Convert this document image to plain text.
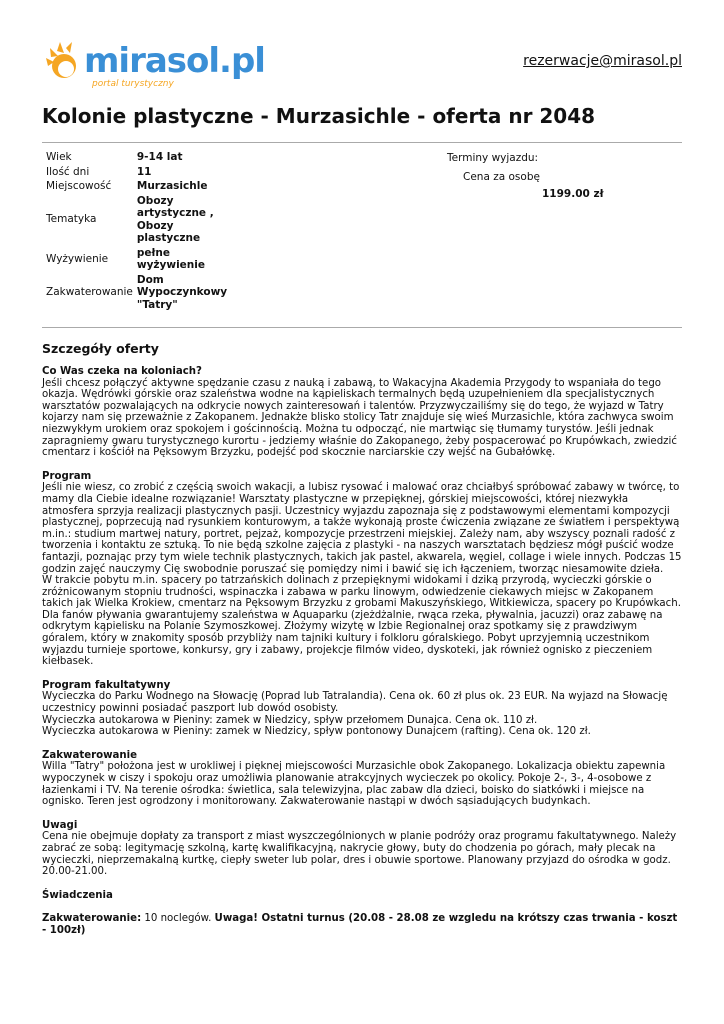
mirasol.pl
portal turystyczny
rezerwacje@mirasol.pl
Kolonie plastyczne - Murzasichle - oferta nr 2048
Wiek	9-14 lat
Ilość dni	11
Miejscowość	Murzasichle
Tematyka	Obozy artystyczne , Obozy plastyczne
Wyżywienie	pełne wyżywienie
Zakwaterowanie	Dom Wypoczynkowy "Tatry"

Terminy wyjazdu:

Cena za osobę

1199.00 zł

Szczegóły oferty
Co Was czeka na koloniach?

Jeśli chcesz połączyć aktywne spędzanie czasu z nauką i zabawą, to Wakacyjna Akademia Przygody to wspaniała do tego okazja. Wędrówki górskie oraz szaleństwa wodne na kąpieliskach termalnych będą uzupełnieniem dla specjalistycznych warsztatów pozwalających na odkrycie nowych zainteresowań i talentów. Przyzwyczailiśmy się do tego, że wyjazd w Tatry kojarzy nam się przeważnie z Zakopanem. Jednakże blisko stolicy Tatr znajduje się wieś Murzasichle, która zachwyca swoim niezwykłym urokiem oraz spokojem i gościnnością. Można tu odpocząć, nie martwiąc się tłumamy turystów. Jeśli jednak zapragniemy gwaru turystycznego kurortu - jedziemy właśnie do Zakopanego, żeby pospacerować po Krupówkach, zwiedzić cmentarz i kościół na Pęksowym Brzyzku, podejść pod skocznie narciarskie czy wejść na Gubałówkę.

Program

Jeśli nie wiesz, co zrobić z częścią swoich wakacji, a lubisz rysować i malować oraz chciałbyś spróbować zabawy w twórcę, to mamy dla Ciebie idealne rozwiązanie! Warsztaty plastyczne w przepięknej, górskiej miejscowości, której niezwykła atmosfera sprzyja realizacji plastycznych pasji. Uczestnicy wyjazdu zapoznaja się z podstawowymi elementami kompozycji plastycznej, poprzecują nad rysunkiem konturowym, a także wykonają proste ćwiczenia związane ze światłem i perspektywą m.in.: studium martwej natury, portret, pejzaż, kompozycje przestrzeni miejskiej. Zależy nam, aby wszyscy poznali radość z tworzenia i kontaktu ze sztuką. To nie będą szkolne zajęcia z plastyki - na naszych warsztatach będziesz mógł puścić wodze fantazji, poznając przy tym wiele technik plastycznych, takich jak pastel, akwarela, węgiel, collage i wiele innych. Podczas 15 godzin zajęć nauczymy Cię swobodnie poruszać się pomiędzy nimi i bawić się ich łączeniem, tworząc niesamowite dzieła.

W trakcie pobytu m.in. spacery po tatrzańskich dolinach z przepięknymi widokami i dziką przyrodą, wycieczki górskie o zróżnicowanym stopniu trudności, wspinaczka i zabawa w parku linowym, odwiedzenie ciekawych miejsc w Zakopanem takich jak Wielka Krokiew, cmentarz na Pęksowym Brzyzku z grobami Makuszyńskiego, Witkiewicza, spacery po Krupówkach. Dla fanów pływania gwarantujemy szaleństwa w Aquaparku (zjeżdżalnie, rwąca rzeka, pływalnia, jacuzzi) oraz zabawę na odkrytym kąpielisku na Polanie Szymoszkowej. Złożymy wizytę w Izbie Regionalnej oraz spotkamy się z prawdziwym góralem, który w znakomity sposób przybliży nam tajniki kultury i folkloru góralskiego. Pobyt uprzyjemnią uczestnikom wyjazdu turnieje sportowe, konkursy, gry i zabawy, projekcje filmów video, dyskoteki, jak również ognisko z pieczeniem kiełbasek.

Program fakultatywny

Wycieczka do Parku Wodnego na Słowację (Poprad lub Tatralandia). Cena ok. 60 zł plus ok. 23 EUR. Na wyjazd na Słowację uczestnicy powinni posiadać paszport lub dowód osobisty.

Wycieczka autokarowa w Pieniny: zamek w Niedzicy, spływ przełomem Dunajca. Cena ok. 110 zł.

Wycieczka autokarowa w Pieniny: zamek w Niedzicy, spływ pontonowy Dunajcem (rafting). Cena ok. 120 zł.

Zakwaterowanie

Willa "Tatry" położona jest w urokliwej i pięknej miejscowości Murzasichle obok Zakopanego. Lokalizacja obiektu zapewnia wypoczynek w ciszy i spokoju oraz umożliwia planowanie atrakcyjnych wycieczek po okolicy. Pokoje 2-, 3-, 4-osobowe z łazienkami i TV. Na terenie ośrodka: świetlica, sala telewizyjna, plac zabaw dla dzieci, boisko do siatkówki i miejsce na ognisko. Teren jest ogrodzony i monitorowany. Zakwaterowanie nastąpi w dwóch sąsiadujących budynkach.

Uwagi

Cena nie obejmuje dopłaty za transport z miast wyszczególnionych w planie podróży oraz programu fakultatywnego. Należy zabrać ze sobą: legitymację szkolną, kartę kwalifikacyjną, nakrycie głowy, buty do chodzenia po górach, mały plecak na wycieczki, nieprzemakalną kurtkę, ciepły sweter lub polar, dres i obuwie sportowe. Planowany przyjazd do ośrodka w godz. 20.00-21.00.

Świadczenia

Zakwaterowanie: 10 noclegów. Uwaga! Ostatni turnus (20.08 - 28.08 ze wzgledu na krótszy czas trwania - koszt - 100zł)
